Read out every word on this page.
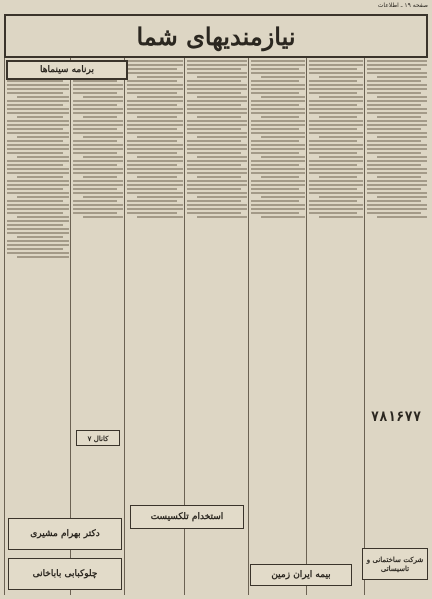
صفحه ۱۹ ـ اطلاعات
نیازمندیهای شما
برنامه سینماها
استخدام تلکسیست
دکتر بهرام مشیری
چلوکبابی باباخانی	بیمه ایران زمین
کانال ۷
شرکت ساختمانی و تاسیساتی
۷۸۱۶۷۷
